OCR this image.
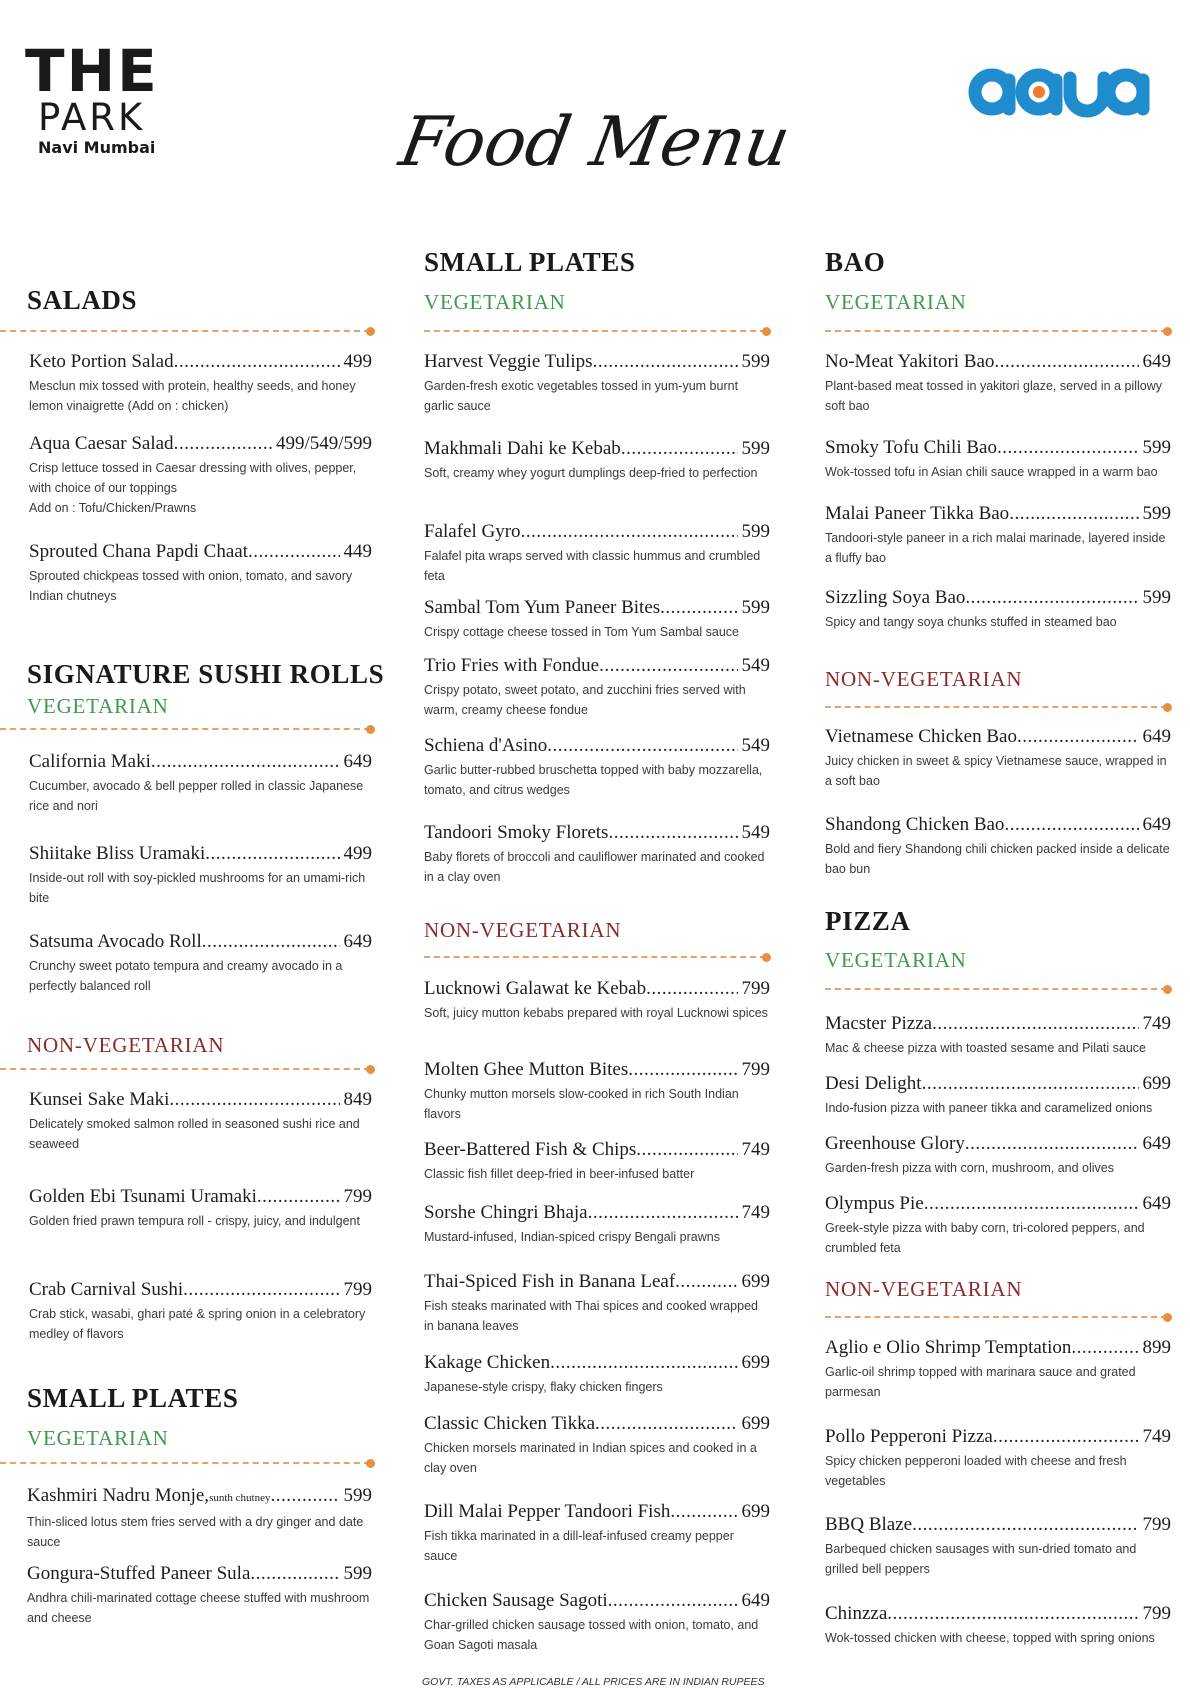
THE
PARK
Navi Mumbai	Food Menu
SALADS
Keto Portion Salad .....	499
Mesclun mix tossed with protein, healthy seeds, and honey lemon vinaigrette (Add on : chicken)
Aqua Caesar Salad .....	499/549/599
Crisp lettuce tossed in Caesar dressing with olives, pepper, with choice of our toppings
Add on : Tofu/Chicken/Prawns
Sprouted Chana Papdi Chaat .....	449
Sprouted chickpeas tossed with onion, tomato, and savory Indian chutneys
SIGNATURE SUSHI ROLLS
VEGETARIAN
California Maki .....	649
Cucumber, avocado & bell pepper rolled in classic Japanese rice and nori
Shiitake Bliss Uramaki .....	499
Inside-out roll with soy-pickled mushrooms for an umami-rich bite
Satsuma Avocado Roll .....	649
Crunchy sweet potato tempura and creamy avocado in a perfectly balanced roll
NON-VEGETARIAN
Kunsei Sake Maki .....	849
Delicately smoked salmon rolled in seasoned sushi rice and seaweed
Golden Ebi Tsunami Uramaki .....	799
Golden fried prawn tempura roll - crispy, juicy, and indulgent
Crab Carnival Sushi .....	799
Crab stick, wasabi, ghari paté & spring onion in a celebratory medley of flavors
SMALL PLATES
VEGETARIAN
Kashmiri Nadru Monje, sunth chutney .....	599
Thin-sliced lotus stem fries served with a dry ginger and date sauce
Gongura-Stuffed Paneer Sula .....	599
Andhra chili-marinated cottage cheese stuffed with mushroom and cheese
SMALL PLATES
VEGETARIAN
Harvest Veggie Tulips .....	599
Garden-fresh exotic vegetables tossed in yum-yum burnt garlic sauce
Makhmali Dahi ke Kebab .....	599
Soft, creamy whey yogurt dumplings deep-fried to perfection
Falafel Gyro .....	599
Falafel pita wraps served with classic hummus and crumbled feta
Sambal Tom Yum Paneer Bites .....	599
Crispy cottage cheese tossed in Tom Yum Sambal sauce
Trio Fries with Fondue .....	549
Crispy potato, sweet potato, and zucchini fries served with warm, creamy cheese fondue
Schiena d'Asino .....	549
Garlic butter-rubbed bruschetta topped with baby mozzarella, tomato, and citrus wedges
Tandoori Smoky Florets .....	549
Baby florets of broccoli and cauliflower marinated and cooked in a clay oven
NON-VEGETARIAN
Lucknowi Galawat ke Kebab .....	799
Soft, juicy mutton kebabs prepared with royal Lucknowi spices
Molten Ghee Mutton Bites .....	799
Chunky mutton morsels slow-cooked in rich South Indian flavors
Beer-Battered Fish & Chips .....	749
Classic fish fillet deep-fried in beer-infused batter
Sorshe Chingri Bhaja .....	749
Mustard-infused, Indian-spiced crispy Bengali prawns
Thai-Spiced Fish in Banana Leaf .....	699
Fish steaks marinated with Thai spices and cooked wrapped in banana leaves
Kakage Chicken .....	699
Japanese-style crispy, flaky chicken fingers
Classic Chicken Tikka .....	699
Chicken morsels marinated in Indian spices and cooked in a clay oven
Dill Malai Pepper Tandoori Fish .....	699
Fish tikka marinated in a dill-leaf-infused creamy pepper sauce
Chicken Sausage Sagoti .....	649
Char-grilled chicken sausage tossed with onion, tomato, and Goan Sagoti masala
GOVT. TAXES AS APPLICABLE / ALL PRICES ARE IN INDIAN RUPEES
BAO
VEGETARIAN
No-Meat Yakitori Bao .....	649
Plant-based meat tossed in yakitori glaze, served in a pillowy soft bao
Smoky Tofu Chili Bao .....	599
Wok-tossed tofu in Asian chili sauce wrapped in a warm bao
Malai Paneer Tikka Bao .....	599
Tandoori-style paneer in a rich malai marinade, layered inside a fluffy bao
Sizzling Soya Bao .....	599
Spicy and tangy soya chunks stuffed in steamed bao
NON-VEGETARIAN
Vietnamese Chicken Bao .....	649
Juicy chicken in sweet & spicy Vietnamese sauce, wrapped in a soft bao
Shandong Chicken Bao .....	649
Bold and fiery Shandong chili chicken packed inside a delicate bao bun
PIZZA
VEGETARIAN
Macster Pizza .....	749
Mac & cheese pizza with toasted sesame and Pilati sauce
Desi Delight .....	699
Indo-fusion pizza with paneer tikka and caramelized onions
Greenhouse Glory .....	649
Garden-fresh pizza with corn, mushroom, and olives
Olympus Pie .....	649
Greek-style pizza with baby corn, tri-colored peppers, and crumbled feta
NON-VEGETARIAN
Aglio e Olio Shrimp Temptation .....	899
Garlic-oil shrimp topped with marinara sauce and grated parmesan
Pollo Pepperoni Pizza .....	749
Spicy chicken pepperoni loaded with cheese and fresh vegetables
BBQ Blaze .....	799
Barbequed chicken sausages with sun-dried tomato and grilled bell peppers
Chinzza .....	799
Wok-tossed chicken with cheese, topped with spring onions
